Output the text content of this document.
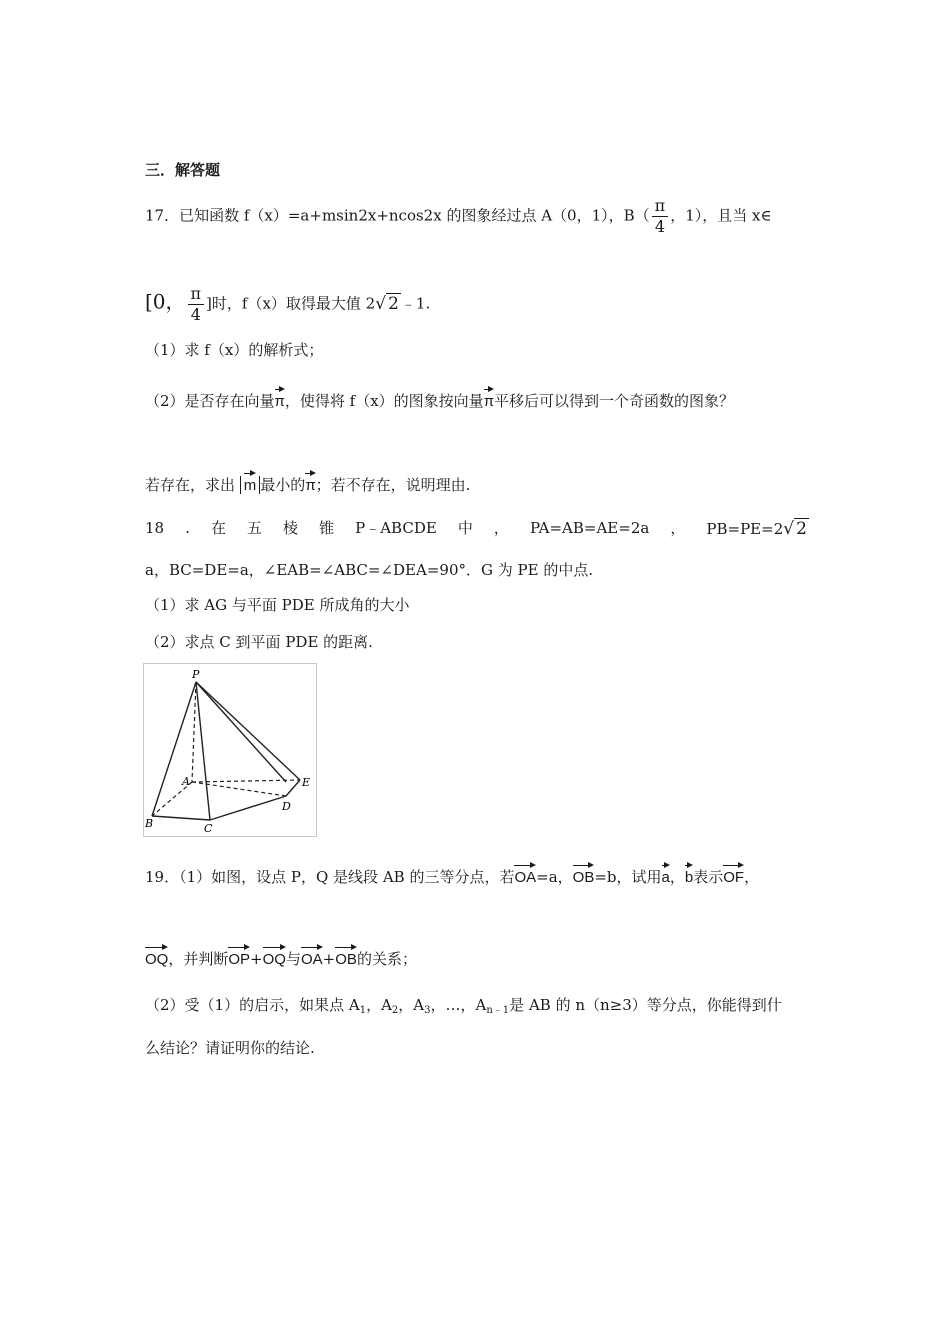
三．解答题
17．已知函数 f（x）=a+msin2x+ncos2x 的图象经过点 A（0，1），$B( \frac{\pi}{4}$ ，1），且当 x∈
[0， $\frac{\pi}{4}$ ]时，f（x）取得最大值 2√ 2 ﹣1.
（1）求 f（x）的解析式；
（2）是否存在向量π，使得将 f（x）的图象按向量π平移后可以得到一个奇函数的图象？
若存在，求出 m 最小的π；若不存在，说明理由.
18 . 在 五 棱 锥 P﹣ABCDE 中 ， PA=AB=AE=2a ， PB=PE=2√ 2
a，BC=DE=a，∠EAB=∠ABC=∠DEA=90°．G 为 PE 的中点.
（1）求 AG 与平面 PDE 所成角的大小
（2）求点 C 到平面 PDE 的距离.
P
A
B	C
D
E
19．（1）如图，设点 P，Q 是线段 AB 的三等分点，若OA=a，OB=b，试用a，b表示OF，
OQ，并判断OP+OQ与OA+OB的关系；
（2）受（1）的启示，如果点 $A_1$，$A_2$，$A_3$，…，$A_{n﹣1}$是 AB 的 n（n≥3）等分点，你能得到什
么结论？请证明你的结论.
